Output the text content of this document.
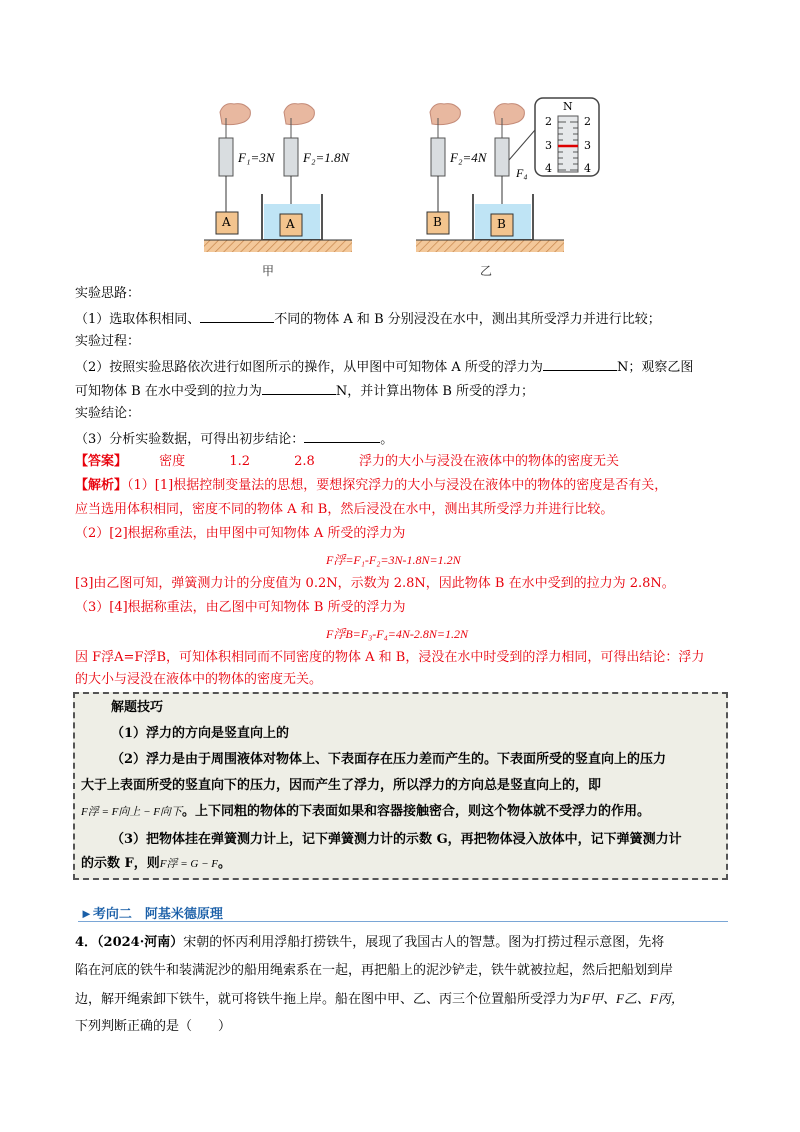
F₁=3N F₂=1.8N
A	A
甲
F₂=4N
F₄
B	B
乙
N
2
3
4
2
3
4
实验思路：
（1）选取体积相同、	不同的物体 A 和 B 分别浸没在水中，测出其所受浮力并进行比较；
实验过程：
（2）按照实验思路依次进行如图所示的操作，从甲图中可知物体 A 所受的浮力为	N；观察乙图
可知物体 B 在水中受到的拉力为	N，并计算出物体 B 所受的浮力；
实验结论：
（3）分析实验数据，可得出初步结论：	。
【答案】 密度	1.2	2.8	浮力的大小与浸没在液体中的物体的密度无关
【解析】（1）[1]根据控制变量法的思想，要想探究浮力的大小与浸没在液体中的物体的密度是否有关，
应当选用体积相同，密度不同的物体 A 和 B，然后浸没在水中，测出其所受浮力并进行比较。
（2）[2]根据称重法，由甲图中可知物体 A 所受的浮力为
F浮=F₁-F₂=3N-1.8N=1.2N
[3]由乙图可知，弹簧测力计的分度值为 0.2N，示数为 2.8N，因此物体 B 在水中受到的拉力为 2.8N。
（3）[4]根据称重法，由乙图中可知物体 B 所受的浮力为
F浮B=F₃-F₄=4N-2.8N=1.2N
因 F浮A=F浮B，可知体积相同而不同密度的物体 A 和 B，浸没在水中时受到的浮力相同，可得出结论：浮力
的大小与浸没在液体中的物体的密度无关。
解题技巧
（1）浮力的方向是竖直向上的
（2）浮力是由于周围液体对物体上、下表面存在压力差而产生的。下表面所受的竖直向上的压力
大于上表面所受的竖直向下的压力，因而产生了浮力，所以浮力的方向总是竖直向上的，即
F浮 = F向上 − F向下。上下同粗的物体的下表面如果和容器接触密合，则这个物体就不受浮力的作用。
（3）把物体挂在弹簧测力计上，记下弹簧测力计的示数 G，再把物体浸入放体中，记下弹簧测力计
的示数 F，则F浮 = G − F。
►考向二　阿基米德原理
4．（2024·河南）宋朝的怀丙利用浮船打捞铁牛，展现了我国古人的智慧。图为打捞过程示意图，先将
陷在河底的铁牛和装满泥沙的船用绳索系在一起，再把船上的泥沙铲走，铁牛就被拉起，然后把船划到岸
边，解开绳索卸下铁牛，就可将铁牛拖上岸。船在图中甲、乙、丙三个位置船所受浮力为F甲、F乙、F丙，
下列判断正确的是（　　）
